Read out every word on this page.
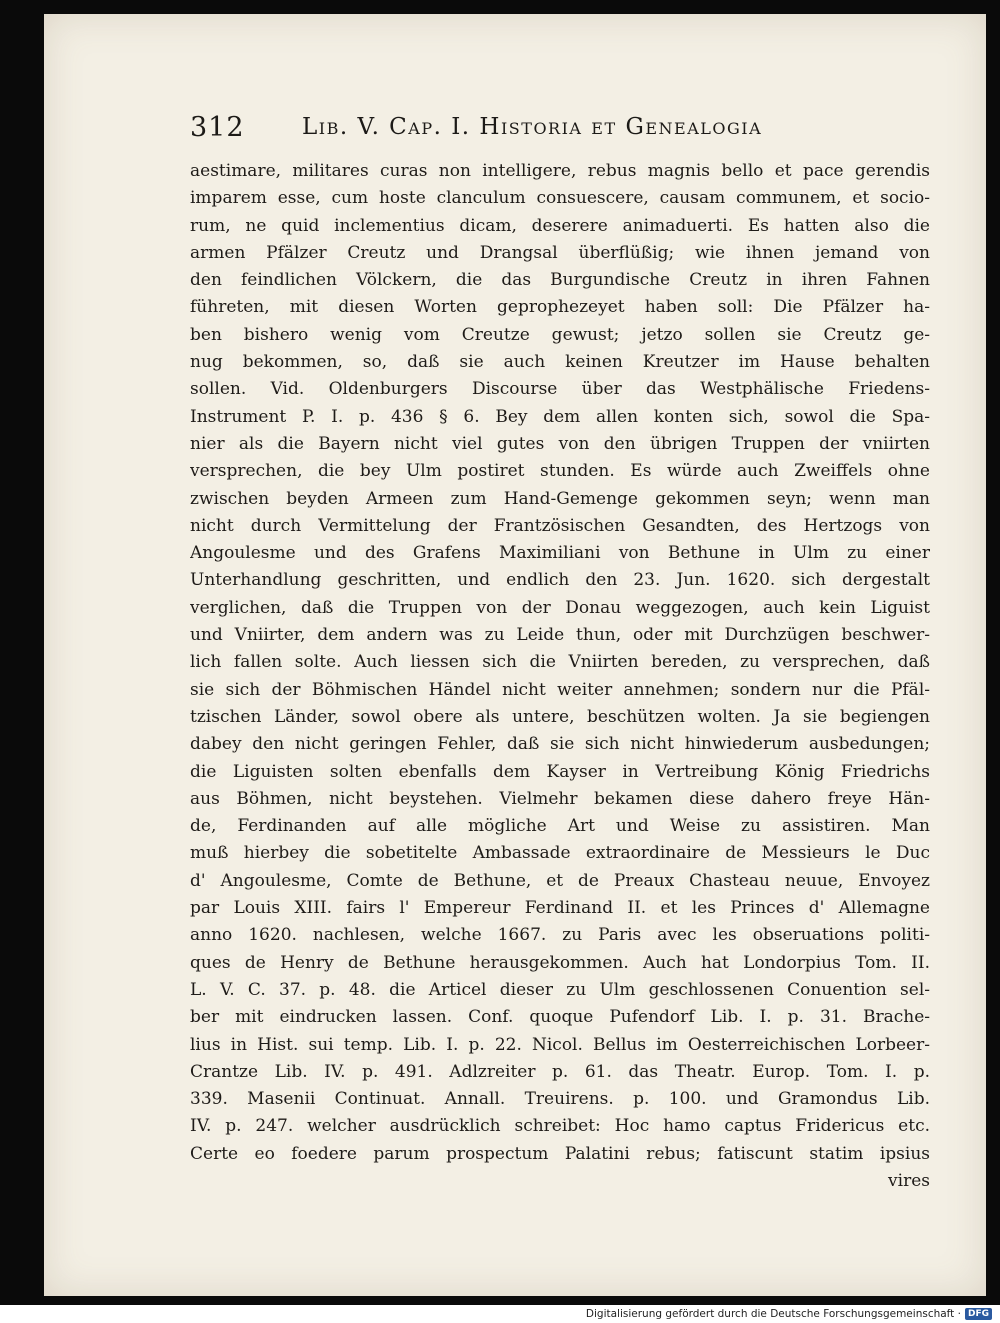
312 Lib. V. Cap. I. Historia et Genealogia
aestimare, militares curas non intelligere, rebus magnis bello et pace gerendis
imparem esse, cum hoste clanculum consuescere, causam communem, et socio-
rum, ne quid inclementius dicam, deserere animaduerti. Es hatten also die
armen Pfälzer Creutz und Drangsal überflüßig; wie ihnen jemand von
den feindlichen Völckern, die das Burgundische Creutz in ihren Fahnen
führeten, mit diesen Worten geprophezeyet haben soll: Die Pfälzer ha-
ben bishero wenig vom Creutze gewust; jetzo sollen sie Creutz ge-
nug bekommen, so, daß sie auch keinen Kreutzer im Hause behalten
sollen. Vid. Oldenburgers Discourse über das Westphälische Friedens-
Instrument P. I. p. 436 § 6. Bey dem allen konten sich, sowol die Spa-
nier als die Bayern nicht viel gutes von den übrigen Truppen der vniirten
versprechen, die bey Ulm postiret stunden. Es würde auch Zweiffels ohne
zwischen beyden Armeen zum Hand-Gemenge gekommen seyn; wenn man
nicht durch Vermittelung der Frantzösischen Gesandten, des Hertzogs von
Angoulesme und des Grafens Maximiliani von Bethune in Ulm zu einer
Unterhandlung geschritten, und endlich den 23. Jun. 1620. sich dergestalt
verglichen, daß die Truppen von der Donau weggezogen, auch kein Liguist
und Vniirter, dem andern was zu Leide thun, oder mit Durchzügen beschwer-
lich fallen solte. Auch liessen sich die Vniirten bereden, zu versprechen, daß
sie sich der Böhmischen Händel nicht weiter annehmen; sondern nur die Pfäl-
tzischen Länder, sowol obere als untere, beschützen wolten. Ja sie begiengen
dabey den nicht geringen Fehler, daß sie sich nicht hinwiederum ausbedungen;
die Liguisten solten ebenfalls dem Kayser in Vertreibung König Friedrichs
aus Böhmen, nicht beystehen. Vielmehr bekamen diese dahero freye Hän-
de, Ferdinanden auf alle mögliche Art und Weise zu assistiren. Man
muß hierbey die sobetitelte Ambassade extraordinaire de Messieurs le Duc
d' Angoulesme, Comte de Bethune, et de Preaux Chasteau neuue, Envoyez
par Louis XIII. fairs l' Empereur Ferdinand II. et les Princes d' Allemagne
anno 1620. nachlesen, welche 1667. zu Paris avec les obseruations politi-
ques de Henry de Bethune herausgekommen. Auch hat Londorpius Tom. II.
L. V. C. 37. p. 48. die Articel dieser zu Ulm geschlossenen Conuention sel-
ber mit eindrucken lassen. Conf. quoque Pufendorf Lib. I. p. 31. Brache-
lius in Hist. sui temp. Lib. I. p. 22. Nicol. Bellus im Oesterreichischen Lorbeer-
Crantze Lib. IV. p. 491. Adlzreiter p. 61. das Theatr. Europ. Tom. I. p.
339. Masenii Continuat. Annall. Treuirens. p. 100. und Gramondus Lib.
IV. p. 247. welcher ausdrücklich schreibet: Hoc hamo captus Fridericus etc.
Certe eo foedere parum prospectum Palatini rebus; fatiscunt statim ipsius
vires
Digitalisierung gefördert durch die Deutsche Forschungsgemeinschaft · DFG
